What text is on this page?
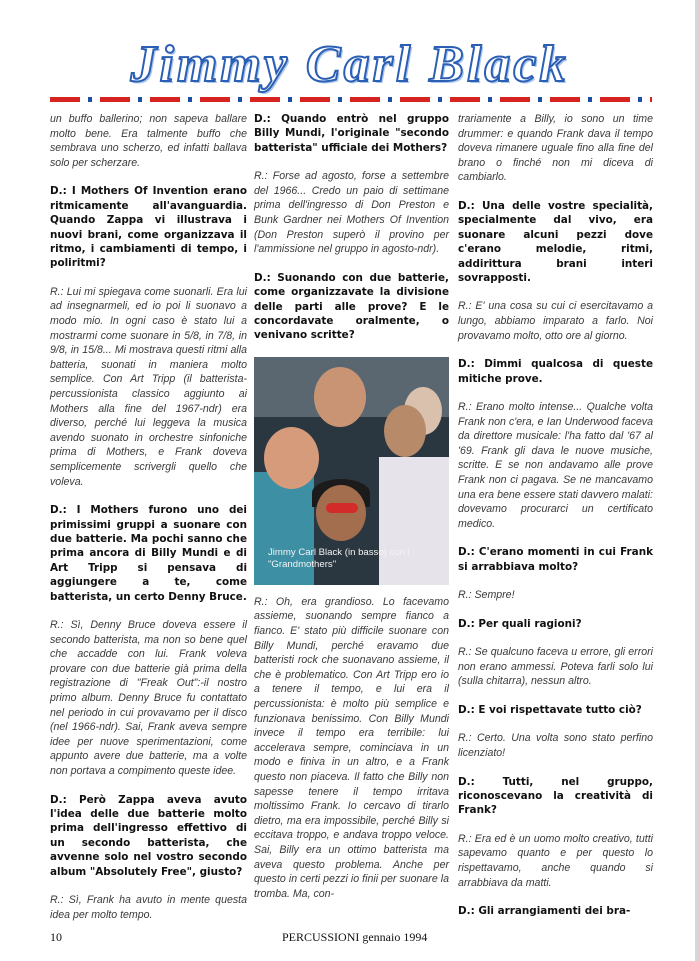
Jimmy Carl Black

un buffo ballerino; non sapeva ballare molto bene. Era talmente buffo che sembrava uno scherzo, ed infatti ballava solo per scherzare.

D.: I Mothers Of Invention erano ritmicamente all'avanguardia. Quando Zappa vi illustrava i nuovi brani, come organizzava il ritmo, i cambiamenti di tempo, i poliritmi?

R.: Lui mi spiegava come suonarli. Era lui ad insegnarmeli, ed io poi li suonavo a modo mio. In ogni caso è stato lui a mostrarmi come suonare in 5/8, in 7/8, in 9/8, in 15/8... Mi mostrava questi ritmi alla batteria, suonati in maniera molto semplice. Con Art Tripp (il batterista-percussionista classico aggiunto ai Mothers alla fine del 1967-ndr) era diverso, perché lui leggeva la musica avendo suonato in orchestre sinfoniche prima di Mothers, e Frank doveva semplicemente scrivergli quello che voleva.

D.: I Mothers furono uno dei primissimi gruppi a suonare con due batterie. Ma pochi sanno che prima ancora di Billy Mundi e di Art Tripp si pensava di aggiungere a te, come batterista, un certo Denny Bruce.

R.: Sì, Denny Bruce doveva essere il secondo batterista, ma non so bene quel che accadde con lui. Frank voleva provare con due batterie già prima della registrazione di "Freak Out":-il nostro primo album. Denny Bruce fu contattato nel periodo in cui provavamo per il disco (nel 1966-ndr). Sai, Frank aveva sempre idee per nuove sperimentazioni, come appunto avere due batterie, ma a volte non portava a compimento queste idee.

D.: Però Zappa aveva avuto l'idea delle due batterie molto prima dell'ingresso effettivo di un secondo batterista, che avvenne solo nel vostro secondo album "Absolutely Free", giusto?

R.: Sì, Frank ha avuto in mente questa idea per molto tempo.

D.: Quando entrò nel gruppo Billy Mundi, l'originale "secondo batterista" ufficiale dei Mothers?

R.: Forse ad agosto, forse a settembre del 1966... Credo un paio di settimane prima dell'ingresso di Don Preston e Bunk Gardner nei Mothers Of Invention (Don Preston superò il provino per l'ammissione nel gruppo in agosto-ndr).

D.: Suonando con due batterie, come organizzavate la divisione delle parti alle prove? E le concordavate oralmente, o venivano scritte?

Jimmy Carl Black (in basso) con i "Grandmothers"

R.: Oh, era grandioso. Lo facevamo assieme, suonando sempre fianco a fianco. E' stato più difficile suonare con Billy Mundi, perché eravamo due batteristi rock che suonavano assieme, il che è problematico. Con Art Tripp ero io a tenere il tempo, e lui era il percussionista: è molto più semplice e funzionava benissimo. Con Billy Mundi invece il tempo era terribile: lui accelerava sempre, cominciava in un modo e finiva in un altro, e a Frank questo non piaceva. Il fatto che Billy non sapesse tenere il tempo irritava moltissimo Frank. Io cercavo di tirarlo dietro, ma era impossibile, perché Billy si eccitava troppo, e andava troppo veloce. Sai, Billy era un ottimo batterista ma aveva questo problema. Anche per questo in certi pezzi io finii per suonare la tromba. Ma, con-

trariamente a Billy, io sono un time drummer: e quando Frank dava il tempo doveva rimanere uguale fino alla fine del brano o finché non mi diceva di cambiarlo.

D.: Una delle vostre specialità, specialmente dal vivo, era suonare alcuni pezzi dove c'erano melodie, ritmi, addirittura brani interi sovrapposti.

R.: E' una cosa su cui ci esercitavamo a lungo, abbiamo imparato a farlo. Noi provavamo molto, otto ore al giorno.

D.: Dimmi qualcosa di queste mitiche prove.

R.: Erano molto intense... Qualche volta Frank non c'era, e Ian Underwood faceva da direttore musicale: l'ha fatto dal '67 al '69. Frank gli dava le nuove musiche, scritte. E se non andavamo alle prove Frank non ci pagava. Se ne mancavamo una era bene essere stati davvero malati: dovevamo procurarci un certificato medico.

D.: C'erano momenti in cui Frank si arrabbiava molto?

R.: Sempre!

D.: Per quali ragioni?

R.: Se qualcuno faceva u errore, gli errori non erano ammessi. Poteva farli solo lui (sulla chitarra), nessun altro.

D.: E voi rispettavate tutto ciò?

R.: Certo. Una volta sono stato perfino licenziato!

D.: Tutti, nel gruppo, riconoscevano la creatività di Frank?

R.: Era ed è un uomo molto creativo, tutti sapevamo quanto e per questo lo rispettavamo, anche quando si arrabbiava da matti.

D.: Gli arrangiamenti dei bra-

10	PERCUSSIONI gennaio 1994
